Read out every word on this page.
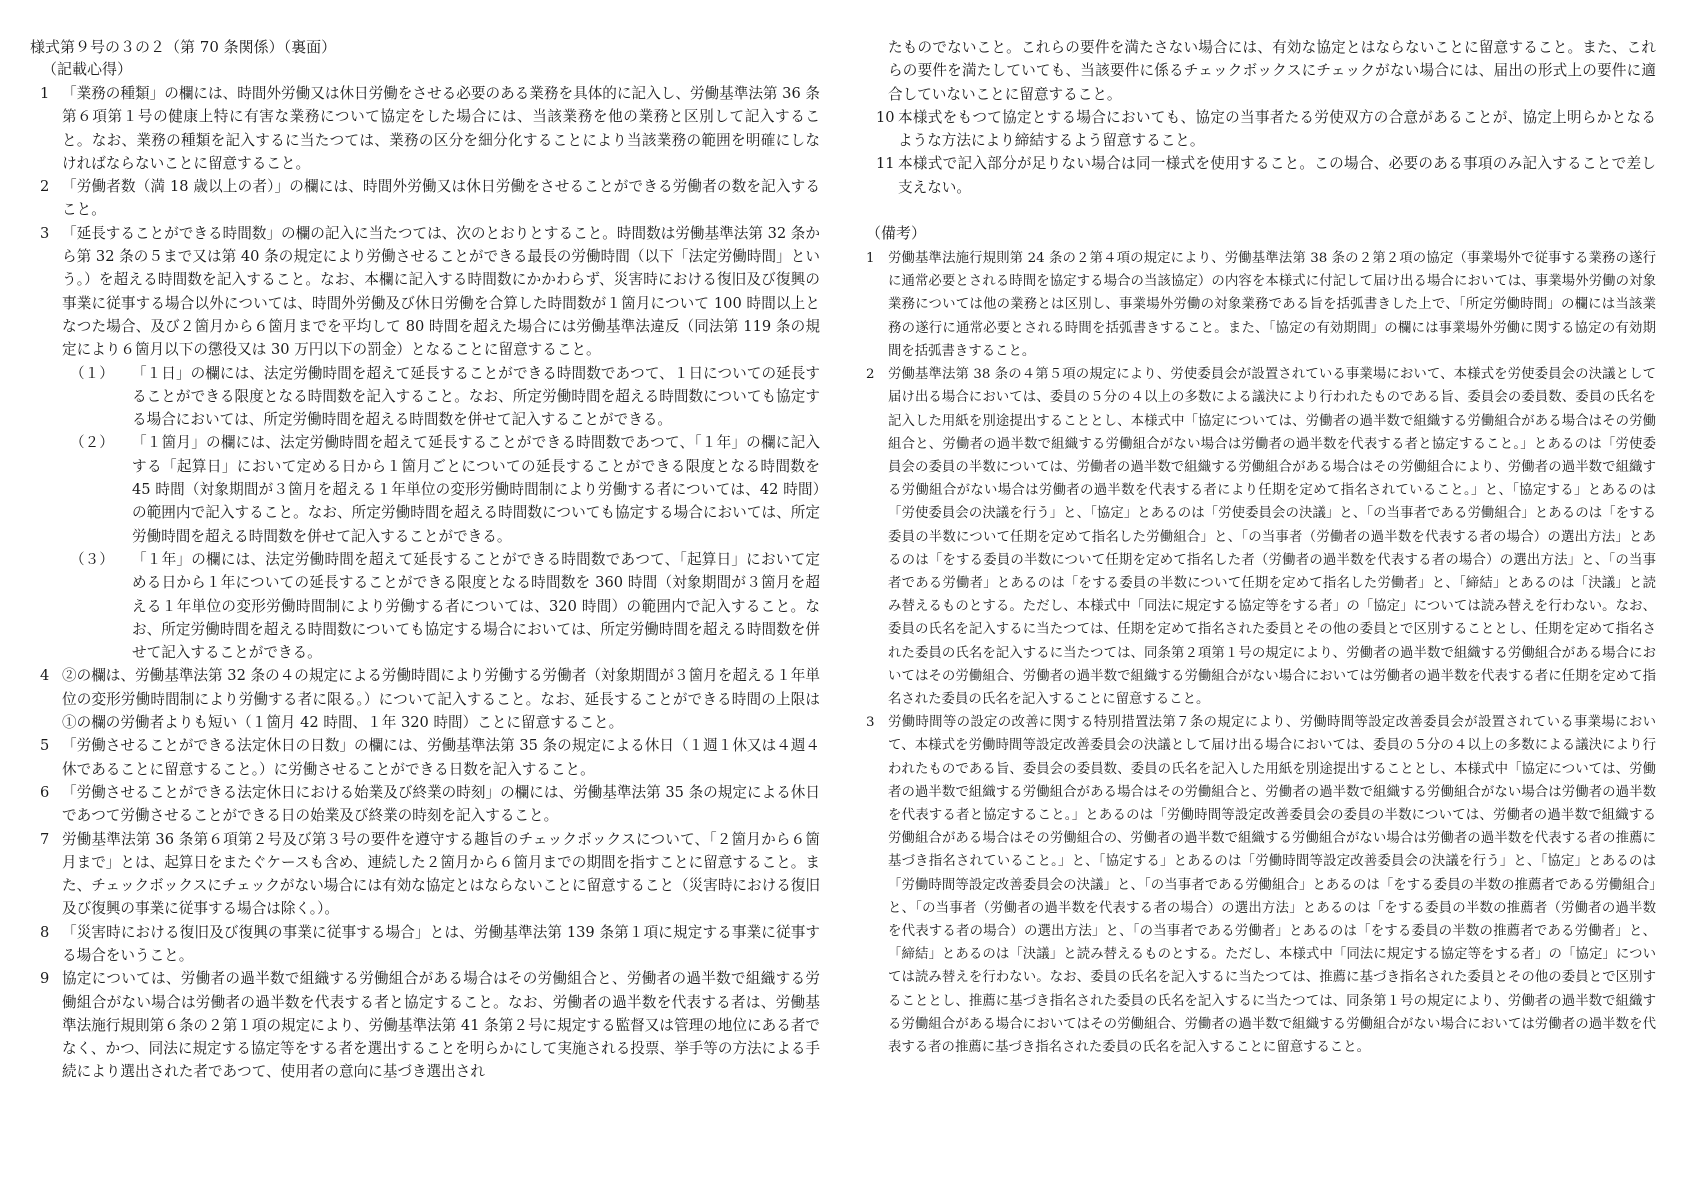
様式第９号の３の２（第 70 条関係）（裏面）

（記載心得）

1 「業務の種類」の欄には、時間外労働又は休日労働をさせる必要のある業務を具体的に記入し、労働基準法第 36 条第６項第１号の健康上特に有害な業務について協定をした場合には、当該業務を他の業務と区別して記入すること。なお、業務の種類を記入するに当たつては、業務の区分を細分化することにより当該業務の範囲を明確にしなければならないことに留意すること。
2 「労働者数（満 18 歳以上の者）」の欄には、時間外労働又は休日労働をさせることができる労働者の数を記入すること。
3 「延長することができる時間数」の欄の記入に当たつては、次のとおりとすること。時間数は労働基準法第 32 条から第 32 条の５まで又は第 40 条の規定により労働させることができる最長の労働時間（以下「法定労働時間」という。）を超える時間数を記入すること。なお、本欄に記入する時間数にかかわらず、災害時における復旧及び復興の事業に従事する場合以外については、時間外労働及び休日労働を合算した時間数が１箇月について 100 時間以上となつた場合、及び２箇月から６箇月までを平均して 80 時間を超えた場合には労働基準法違反（同法第 119 条の規定により６箇月以下の懲役又は 30 万円以下の罰金）となることに留意すること。
（１）	「１日」の欄には、法定労働時間を超えて延長することができる時間数であつて、１日についての延長することができる限度となる時間数を記入すること。なお、所定労働時間を超える時間数についても協定する場合においては、所定労働時間を超える時間数を併せて記入することができる。
（２）	「１箇月」の欄には、法定労働時間を超えて延長することができる時間数であつて、「１年」の欄に記入する「起算日」において定める日から１箇月ごとについての延長することができる限度となる時間数を 45 時間（対象期間が３箇月を超える１年単位の変形労働時間制により労働する者については、42 時間）の範囲内で記入すること。なお、所定労働時間を超える時間数についても協定する場合においては、所定労働時間を超える時間数を併せて記入することができる。
（３）	「１年」の欄には、法定労働時間を超えて延長することができる時間数であつて、「起算日」において定める日から１年についての延長することができる限度となる時間数を 360 時間（対象期間が３箇月を超える１年単位の変形労働時間制により労働する者については、320 時間）の範囲内で記入すること。なお、所定労働時間を超える時間数についても協定する場合においては、所定労働時間を超える時間数を併せて記入することができる。
4 ②の欄は、労働基準法第 32 条の４の規定による労働時間により労働する労働者（対象期間が３箇月を超える１年単位の変形労働時間制により労働する者に限る。）について記入すること。なお、延長することができる時間の上限は①の欄の労働者よりも短い（１箇月 42 時間、１年 320 時間）ことに留意すること。
5 「労働させることができる法定休日の日数」の欄には、労働基準法第 35 条の規定による休日（１週１休又は４週４休であることに留意すること。）に労働させることができる日数を記入すること。
6 「労働させることができる法定休日における始業及び終業の時刻」の欄には、労働基準法第 35 条の規定による休日であつて労働させることができる日の始業及び終業の時刻を記入すること。
7 労働基準法第 36 条第６項第２号及び第３号の要件を遵守する趣旨のチェックボックスについて、「２箇月から６箇月まで」とは、起算日をまたぐケースも含め、連続した２箇月から６箇月までの期間を指すことに留意すること。また、チェックボックスにチェックがない場合には有効な協定とはならないことに留意すること（災害時における復旧及び復興の事業に従事する場合は除く。）。
8 「災害時における復旧及び復興の事業に従事する場合」とは、労働基準法第 139 条第１項に規定する事業に従事する場合をいうこと。
9 協定については、労働者の過半数で組織する労働組合がある場合はその労働組合と、労働者の過半数で組織する労働組合がない場合は労働者の過半数を代表する者と協定すること。なお、労働者の過半数を代表する者は、労働基準法施行規則第６条の２第１項の規定により、労働基準法第 41 条第２号に規定する監督又は管理の地位にある者でなく、かつ、同法に規定する協定等をする者を選出することを明らかにして実施される投票、挙手等の方法による手続により選出された者であつて、使用者の意向に基づき選出され

たものでないこと。これらの要件を満たさない場合には、有効な協定とはならないことに留意すること。また、これらの要件を満たしていても、当該要件に係るチェックボックスにチェックがない場合には、届出の形式上の要件に適合していないことに留意すること。

10 本様式をもつて協定とする場合においても、協定の当事者たる労使双方の合意があることが、協定上明らかとなるような方法により締結するよう留意すること。
11 本様式で記入部分が足りない場合は同一様式を使用すること。この場合、必要のある事項のみ記入することで差し支えない。

（備考）

1	労働基準法施行規則第 24 条の２第４項の規定により、労働基準法第 38 条の２第２項の協定（事業場外で従事する業務の遂行に通常必要とされる時間を協定する場合の当該協定）の内容を本様式に付記して届け出る場合においては、事業場外労働の対象業務については他の業務とは区別し、事業場外労働の対象業務である旨を括弧書きした上で、「所定労働時間」の欄には当該業務の遂行に通常必要とされる時間を括弧書きすること。また、「協定の有効期間」の欄には事業場外労働に関する協定の有効期間を括弧書きすること。
2	労働基準法第 38 条の４第５項の規定により、労使委員会が設置されている事業場において、本様式を労使委員会の決議として届け出る場合においては、委員の５分の４以上の多数による議決により行われたものである旨、委員会の委員数、委員の氏名を記入した用紙を別途提出することとし、本様式中「協定については、労働者の過半数で組織する労働組合がある場合はその労働組合と、労働者の過半数で組織する労働組合がない場合は労働者の過半数を代表する者と協定すること。」とあるのは「労使委員会の委員の半数については、労働者の過半数で組織する労働組合がある場合はその労働組合により、労働者の過半数で組織する労働組合がない場合は労働者の過半数を代表する者により任期を定めて指名されていること。」と、「協定する」とあるのは「労使委員会の決議を行う」と、「協定」とあるのは「労使委員会の決議」と、「の当事者である労働組合」とあるのは「をする委員の半数について任期を定めて指名した労働組合」と、「の当事者（労働者の過半数を代表する者の場合）の選出方法」とあるのは「をする委員の半数について任期を定めて指名した者（労働者の過半数を代表する者の場合）の選出方法」と、「の当事者である労働者」とあるのは「をする委員の半数について任期を定めて指名した労働者」と、「締結」とあるのは「決議」と読み替えるものとする。ただし、本様式中「同法に規定する協定等をする者」の「協定」については読み替えを行わない。なお、委員の氏名を記入するに当たつては、任期を定めて指名された委員とその他の委員とで区別することとし、任期を定めて指名された委員の氏名を記入するに当たつては、同条第２項第１号の規定により、労働者の過半数で組織する労働組合がある場合においてはその労働組合、労働者の過半数で組織する労働組合がない場合においては労働者の過半数を代表する者に任期を定めて指名された委員の氏名を記入することに留意すること。
3	労働時間等の設定の改善に関する特別措置法第７条の規定により、労働時間等設定改善委員会が設置されている事業場において、本様式を労働時間等設定改善委員会の決議として届け出る場合においては、委員の５分の４以上の多数による議決により行われたものである旨、委員会の委員数、委員の氏名を記入した用紙を別途提出することとし、本様式中「協定については、労働者の過半数で組織する労働組合がある場合はその労働組合と、労働者の過半数で組織する労働組合がない場合は労働者の過半数を代表する者と協定すること。」とあるのは「労働時間等設定改善委員会の委員の半数については、労働者の過半数で組織する労働組合がある場合はその労働組合の、労働者の過半数で組織する労働組合がない場合は労働者の過半数を代表する者の推薦に基づき指名されていること。」と、「協定する」とあるのは「労働時間等設定改善委員会の決議を行う」と、「協定」とあるのは「労働時間等設定改善委員会の決議」と、「の当事者である労働組合」とあるのは「をする委員の半数の推薦者である労働組合」と、「の当事者（労働者の過半数を代表する者の場合）の選出方法」とあるのは「をする委員の半数の推薦者（労働者の過半数を代表する者の場合）の選出方法」と、「の当事者である労働者」とあるのは「をする委員の半数の推薦者である労働者」と、「締結」とあるのは「決議」と読み替えるものとする。ただし、本様式中「同法に規定する協定等をする者」の「協定」については読み替えを行わない。なお、委員の氏名を記入するに当たつては、推薦に基づき指名された委員とその他の委員とで区別することとし、推薦に基づき指名された委員の氏名を記入するに当たつては、同条第１号の規定により、労働者の過半数で組織する労働組合がある場合においてはその労働組合、労働者の過半数で組織する労働組合がない場合においては労働者の過半数を代表する者の推薦に基づき指名された委員の氏名を記入することに留意すること。
